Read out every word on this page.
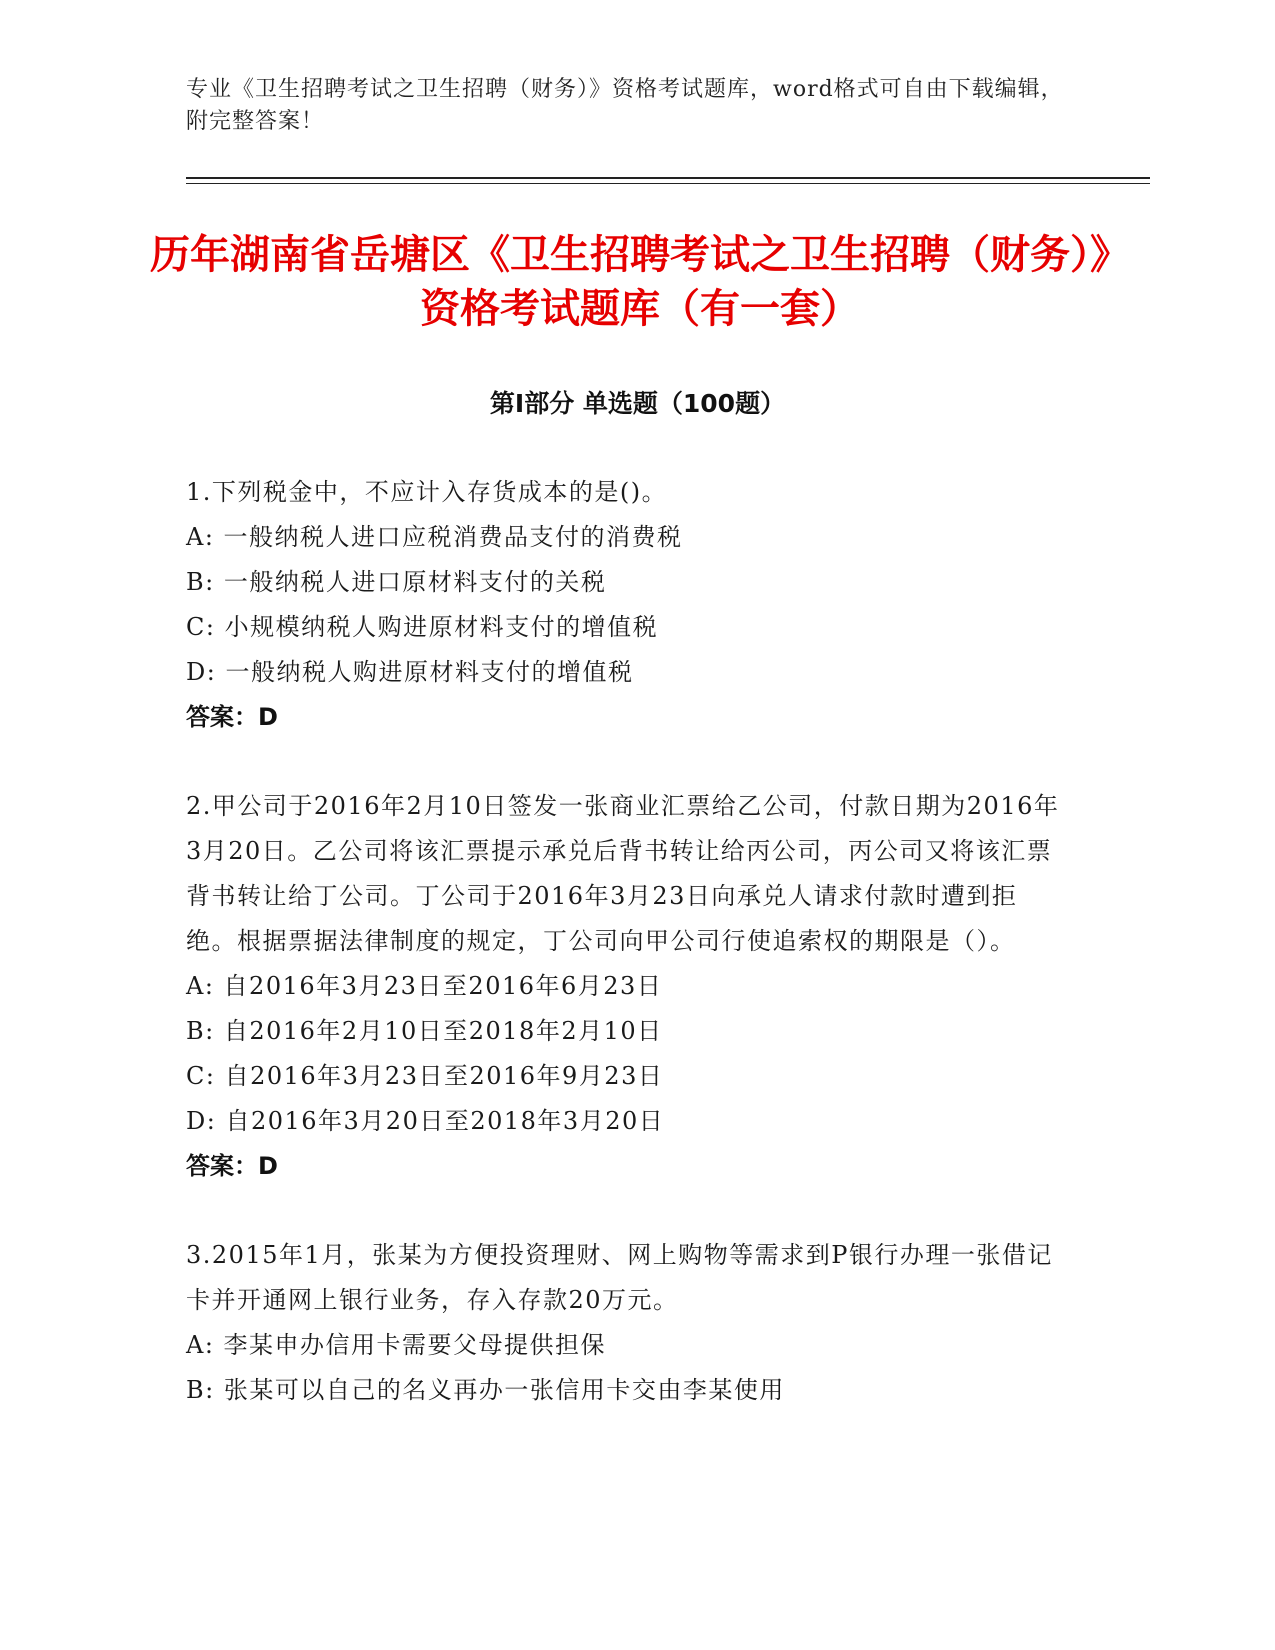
专业《卫生招聘考试之卫生招聘（财务）》资格考试题库，word格式可自由下载编辑，附完整答案！
历年湖南省岳塘区《卫生招聘考试之卫生招聘（财务）》资格考试题库（有一套）
第Ⅰ部分 单选题（100题）
1.下列税金中，不应计入存货成本的是()。
A: 一般纳税人进口应税消费品支付的消费税
B: 一般纳税人进口原材料支付的关税
C: 小规模纳税人购进原材料支付的增值税
D: 一般纳税人购进原材料支付的增值税
答案：D
2.甲公司于2016年2月10日签发一张商业汇票给乙公司，付款日期为2016年3月20日。乙公司将该汇票提示承兑后背书转让给丙公司，丙公司又将该汇票背书转让给丁公司。丁公司于2016年3月23日向承兑人请求付款时遭到拒绝。根据票据法律制度的规定，丁公司向甲公司行使追索权的期限是（）。
A: 自2016年3月23日至2016年6月23日
B: 自2016年2月10日至2018年2月10日
C: 自2016年3月23日至2016年9月23日
D: 自2016年3月20日至2018年3月20日
答案：D
3.2015年1月，张某为方便投资理财、网上购物等需求到P银行办理一张借记卡并开通网上银行业务，存入存款20万元。
A: 李某申办信用卡需要父母提供担保
B: 张某可以自己的名义再办一张信用卡交由李某使用
